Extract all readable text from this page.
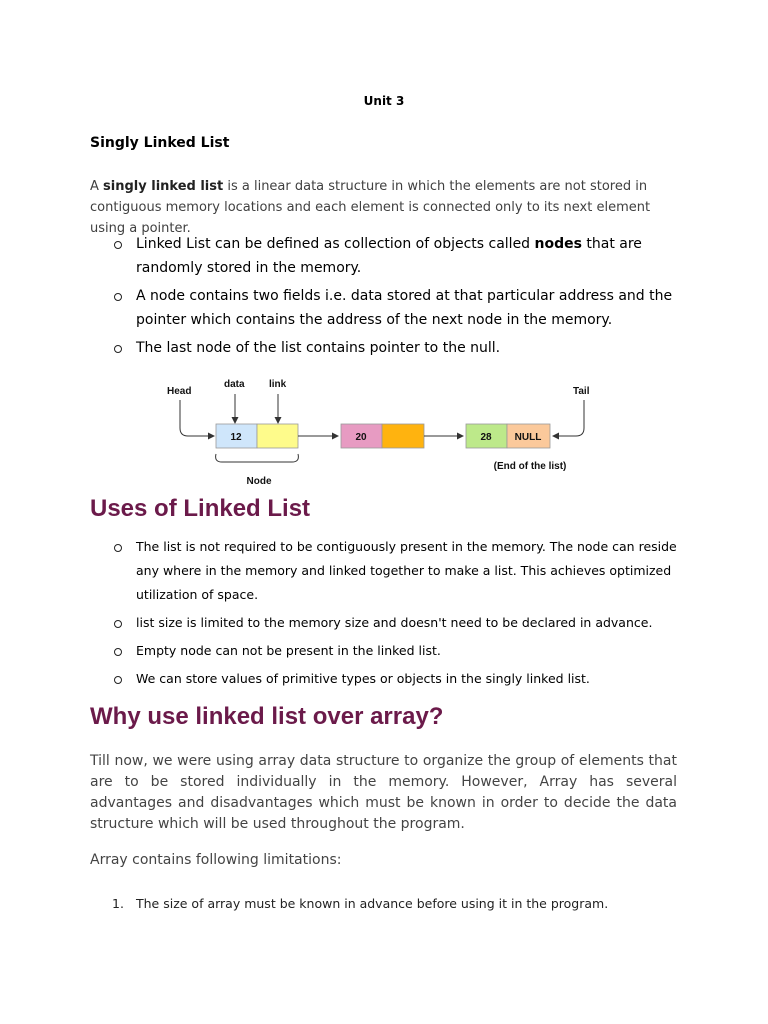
Unit 3
Singly Linked List
A singly linked list is a linear data structure in which the elements are not stored in contiguous memory locations and each element is connected only to its next element using a pointer.
Linked List can be defined as collection of objects called nodes that are randomly stored in the memory.
A node contains two fields i.e. data stored at that particular address and the pointer which contains the address of the next node in the memory.
The last node of the list contains pointer to the null.
Head
data link
Tail
12	20	28 NULL
Node
(End of the list)
Uses of Linked List
The list is not required to be contiguously present in the memory. The node can reside any where in the memory and linked together to make a list. This achieves optimized utilization of space.
list size is limited to the memory size and doesn't need to be declared in advance.
Empty node can not be present in the linked list.
We can store values of primitive types or objects in the singly linked list.
Why use linked list over array?
Till now, we were using array data structure to organize the group of elements that are to be stored individually in the memory. However, Array has several advantages and disadvantages which must be known in order to decide the data structure which will be used throughout the program.
Array contains following limitations:
1. The size of array must be known in advance before using it in the program.
